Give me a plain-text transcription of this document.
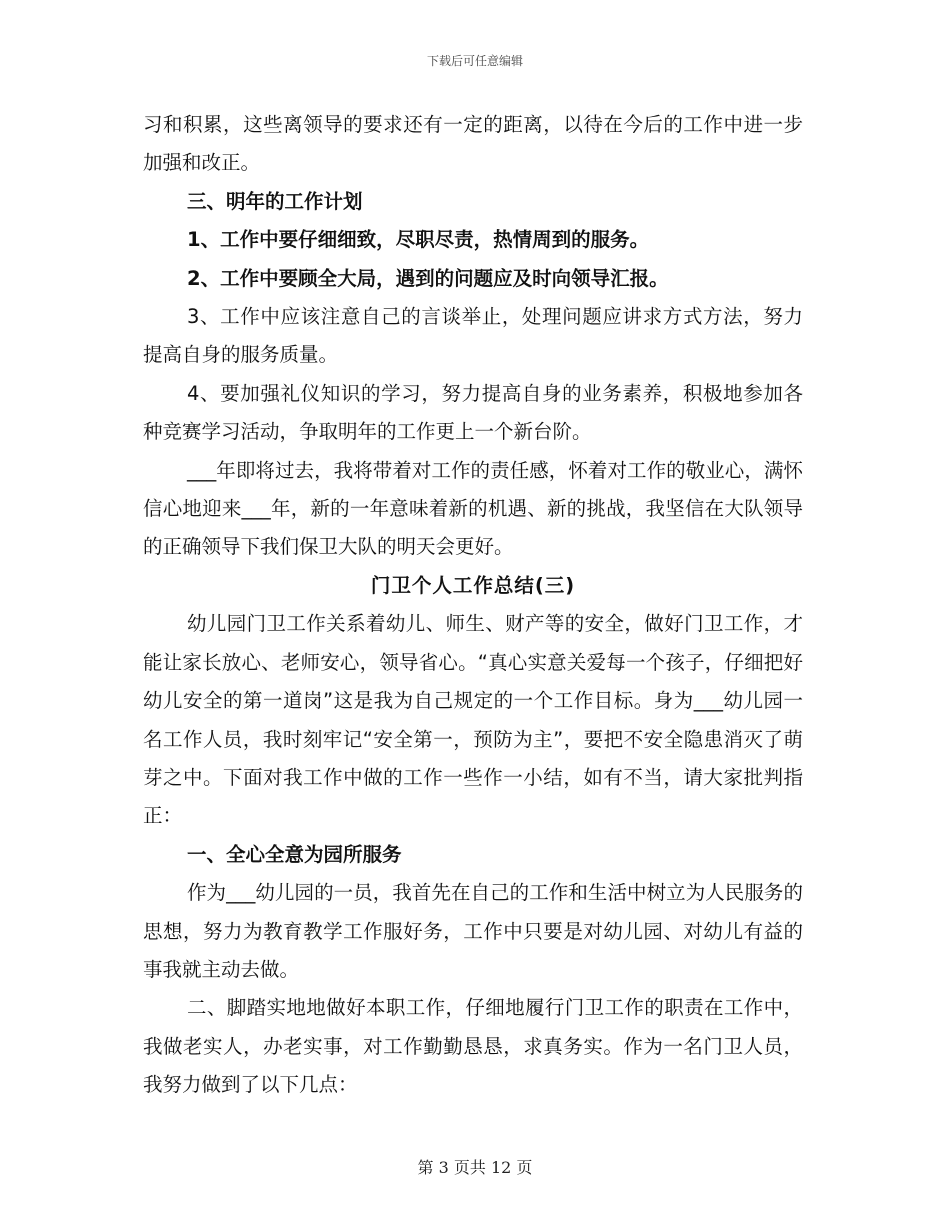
下载后可任意编辑

习和积累，这些离领导的要求还有一定的距离，以待在今后的工作中进一步加强和改正。

三、明年的工作计划

1、工作中要仔细细致，尽职尽责，热情周到的服务。

2、工作中要顾全大局，遇到的问题应及时向领导汇报。

3、工作中应该注意自己的言谈举止，处理问题应讲求方式方法，努力提高自身的服务质量。

4、要加强礼仪知识的学习，努力提高自身的业务素养，积极地参加各种竞赛学习活动，争取明年的工作更上一个新台阶。

___年即将过去，我将带着对工作的责任感，怀着对工作的敬业心，满怀信心地迎来___年，新的一年意味着新的机遇、新的挑战，我坚信在大队领导的正确领导下我们保卫大队的明天会更好。

门卫个人工作总结(三)

幼儿园门卫工作关系着幼儿、师生、财产等的安全，做好门卫工作，才能让家长放心、老师安心，领导省心。“真心实意关爱每一个孩子，仔细把好幼儿安全的第一道岗”这是我为自己规定的一个工作目标。身为___幼儿园一名工作人员，我时刻牢记“安全第一，预防为主”，要把不安全隐患消灭了萌芽之中。下面对我工作中做的工作一些作一小结，如有不当，请大家批判指正：

一、全心全意为园所服务

作为___幼儿园的一员，我首先在自己的工作和生活中树立为人民服务的思想，努力为教育教学工作服好务，工作中只要是对幼儿园、对幼儿有益的事我就主动去做。

二、脚踏实地地做好本职工作，仔细地履行门卫工作的职责在工作中，我做老实人，办老实事，对工作勤勤恳恳，求真务实。作为一名门卫人员，我努力做到了以下几点：

第 3 页共 12 页
